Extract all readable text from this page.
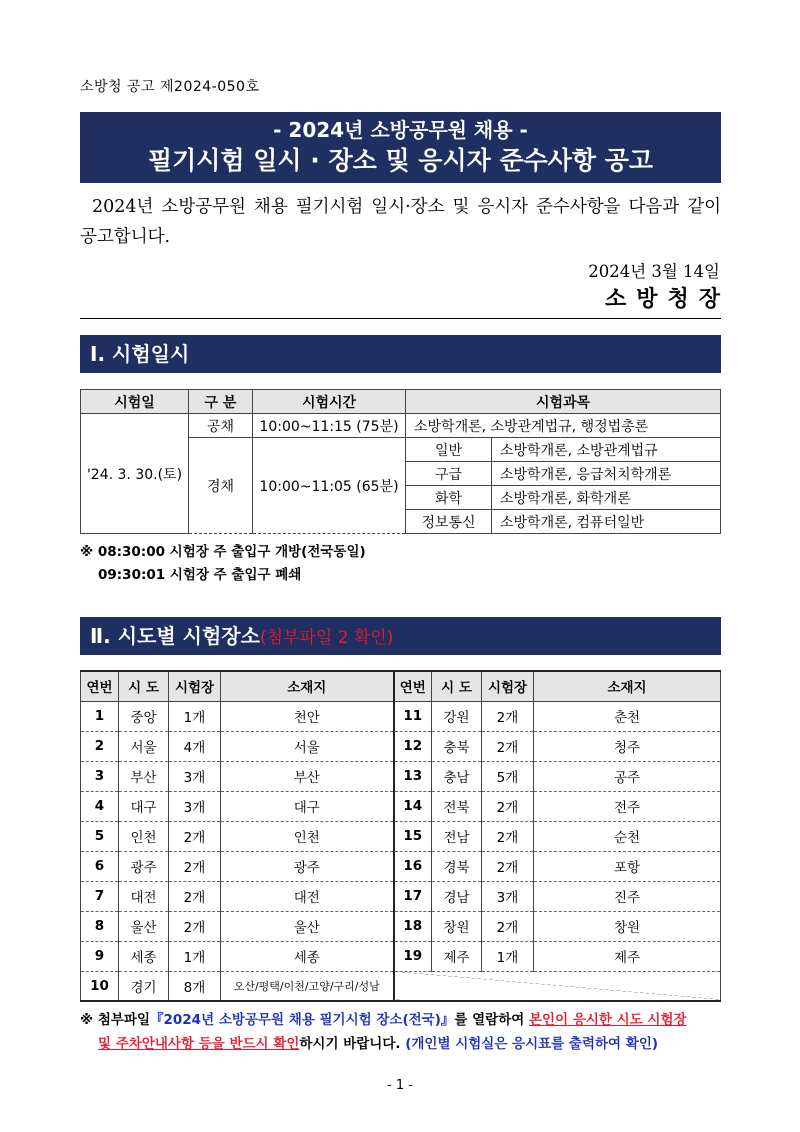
소방청 공고 제2024-050호
- 2024년 소방공무원 채용 -
필기시험 일시 · 장소 및 응시자 준수사항 공고
2024년 소방공무원 채용 필기시험 일시·장소 및 응시자 준수사항을 다음과 같이 공고합니다.
2024년 3월 14일
소방청장
Ⅰ. 시험일시
시험일	구 분	시험시간	시험과목	
'24. 3. 30.(토)	공채	10:00~11:15 (75분)	소방학개론, 소방관계법규, 행정법총론	
	경채	10:00~11:05 (65분)	일반	소방학개론, 소방관계법규
			구급	소방학개론, 응급처치학개론
			화학	소방학개론, 화학개론
			정보통신	소방학개론, 컴퓨터일반
※ 08:30:00 시험장 주 출입구 개방(전국동일)
09:30:01 시험장 주 출입구 폐쇄
Ⅱ. 시도별 시험장소(첨부파일 2 확인)
연번	시 도	시험장	소재지	연번	시 도	시험장	소재지
1	중앙	1개	천안	11	강원	2개	춘천
2	서울	4개	서울	12	충북	2개	청주
3	부산	3개	부산	13	충남	5개	공주
4	대구	3개	대구	14	전북	2개	전주
5	인천	2개	인천	15	전남	2개	순천
6	광주	2개	광주	16	경북	2개	포항
7	대전	2개	대전	17	경남	3개	진주
8	울산	2개	울산	18	창원	2개	창원
9	세종	1개	세종	19	제주	1개	제주
10	경기	8개	오산/평택/이천/고양/구리/성남				
※ 첨부파일『2024년 소방공무원 채용 필기시험 장소(전국)』를 열람하여 본인이 응시한 시도 시험장
및 주차안내사항 등을 반드시 확인하시기 바랍니다. (개인별 시험실은 응시표를 출력하여 확인)
- 1 -
